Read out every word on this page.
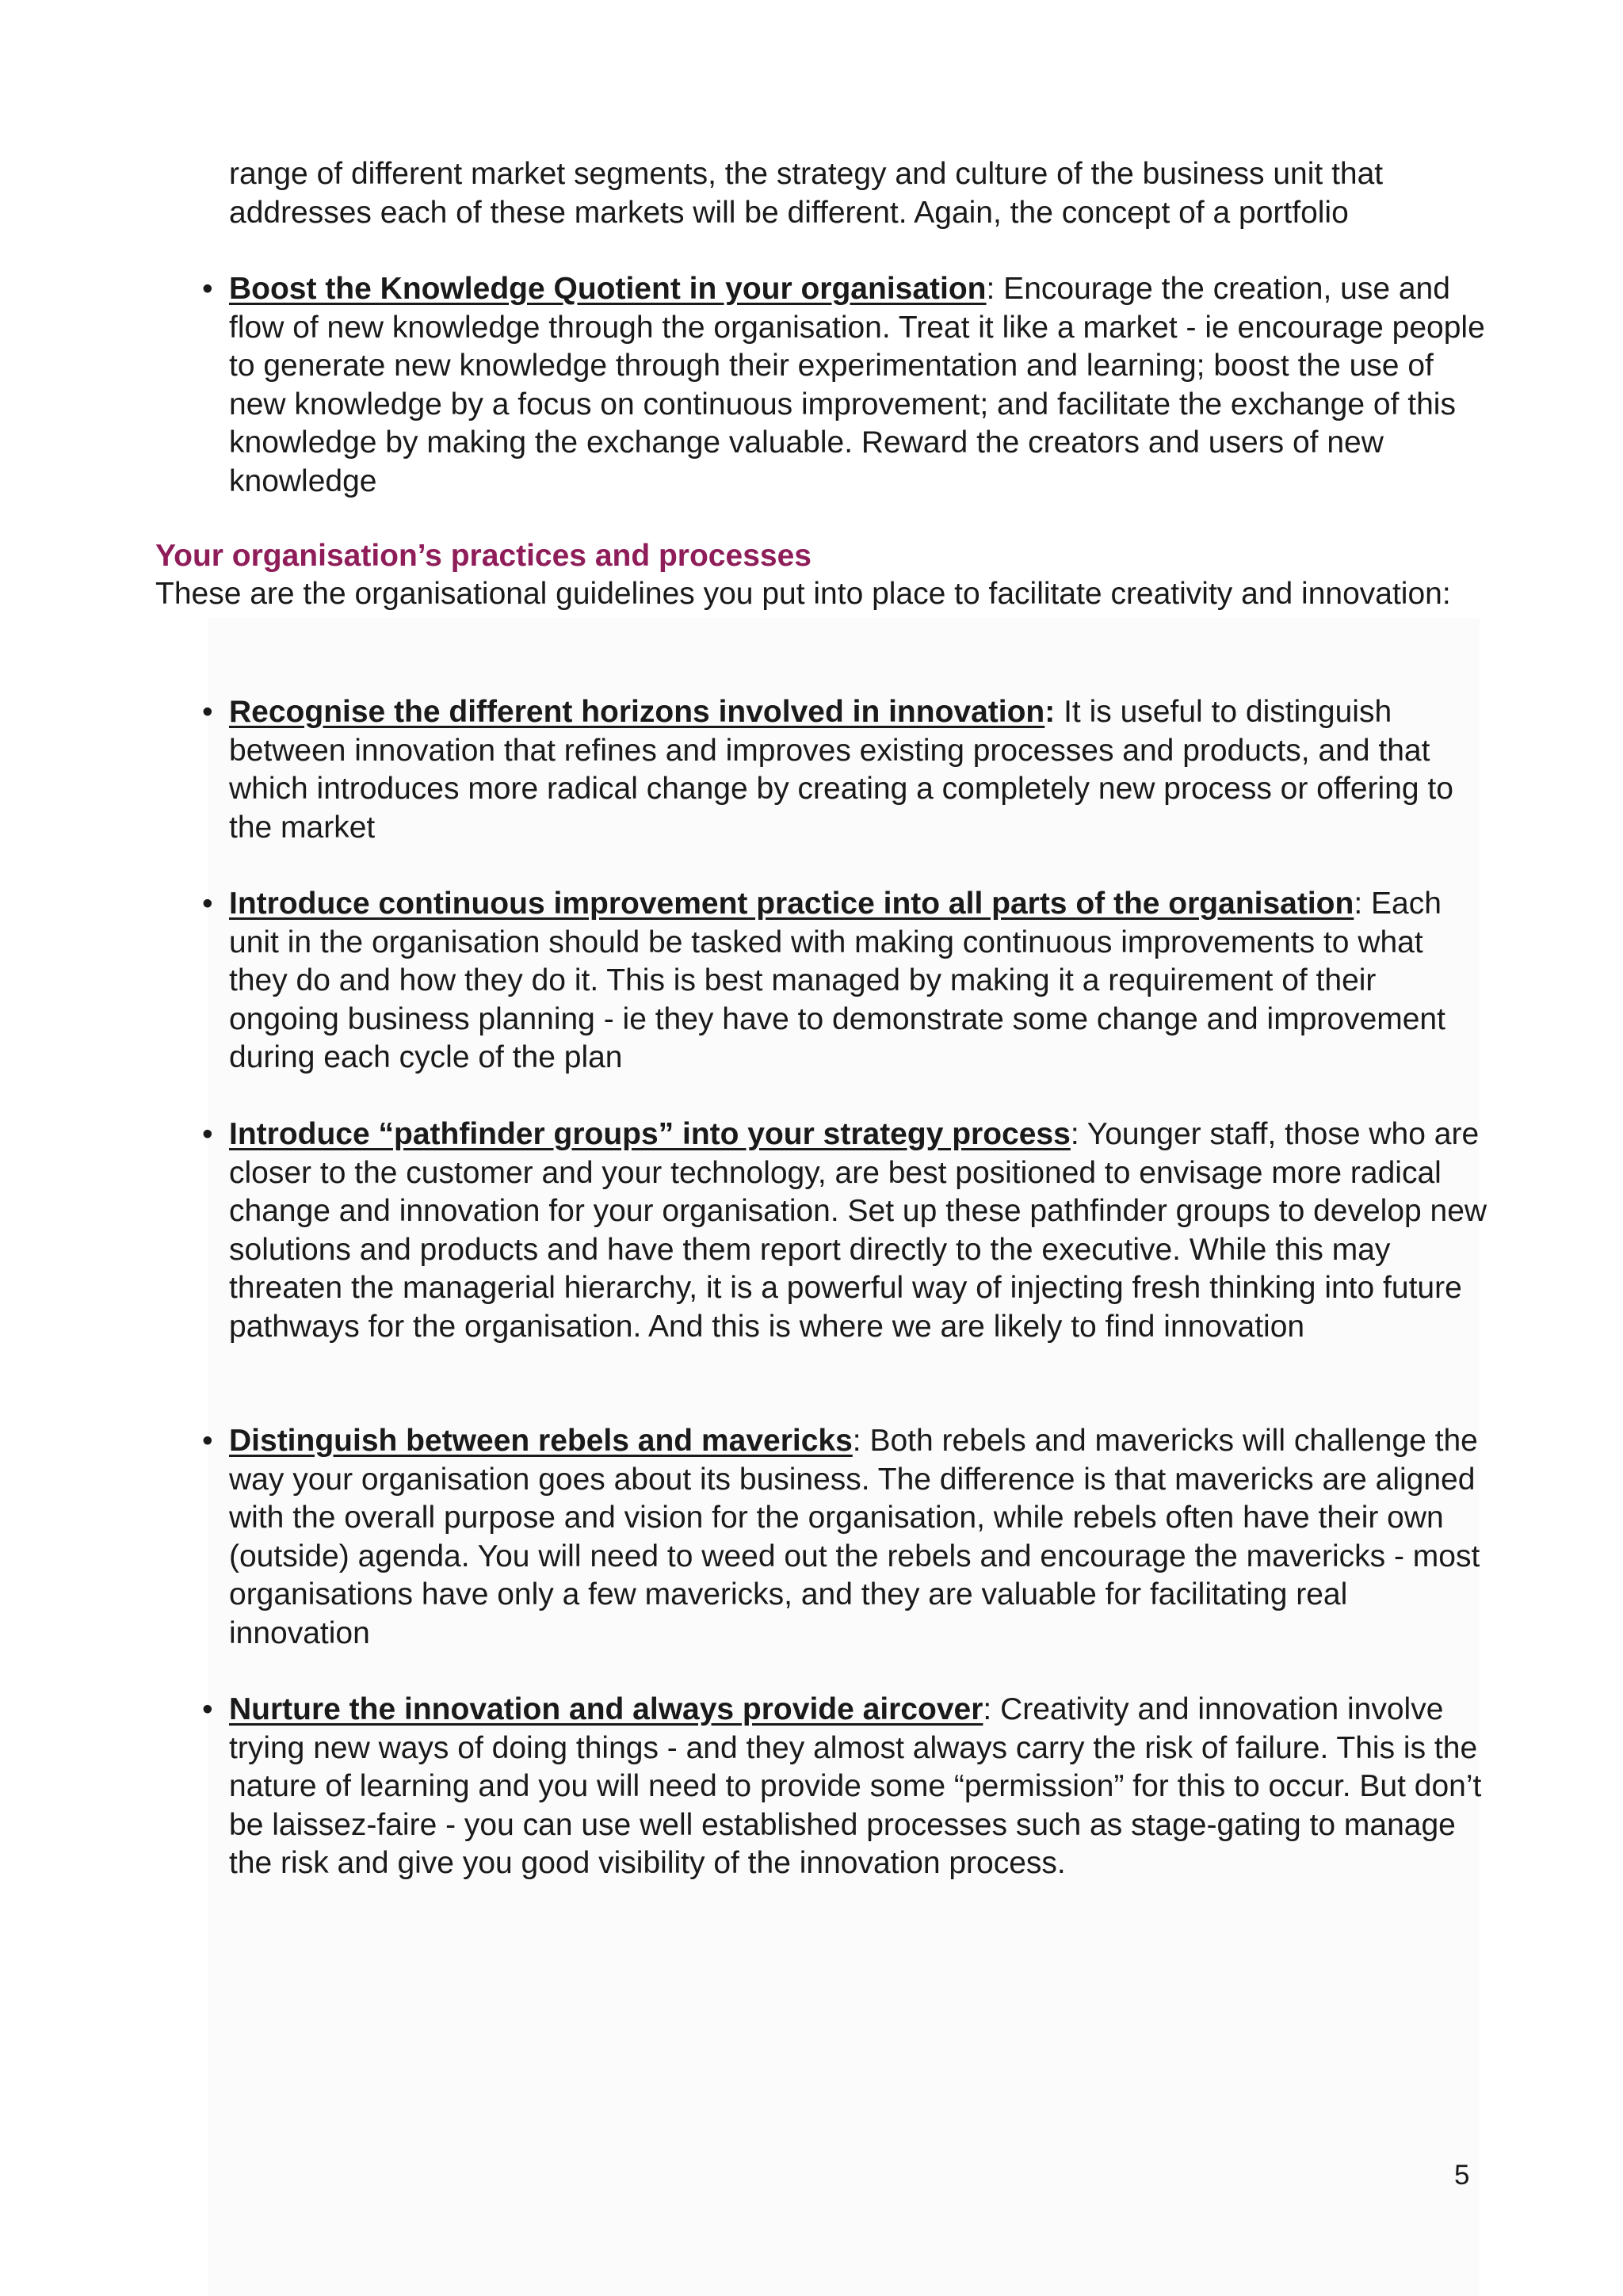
range of different market segments, the strategy and culture of the business unit that addresses each of these markets will be different. Again, the concept of a portfolio

• Boost the Knowledge Quotient in your organisation: Encourage the creation, use and flow of new knowledge through the organisation. Treat it like a market - ie encourage people to generate new knowledge through their experimentation and learning; boost the use of new knowledge by a focus on continuous improvement; and facilitate the exchange of this knowledge by making the exchange valuable. Reward the creators and users of new knowledge

Your organisation’s practices and processes

These are the organisational guidelines you put into place to facilitate creativity and innovation:

• Recognise the different horizons involved in innovation: It is useful to distinguish between innovation that refines and improves existing processes and products, and that which introduces more radical change by creating a completely new process or offering to the market

• Introduce continuous improvement practice into all parts of the organisation: Each unit in the organisation should be tasked with making continuous improvements to what they do and how they do it. This is best managed by making it a requirement of their ongoing business planning - ie they have to demonstrate some change and improvement during each cycle of the plan

• Introduce “pathfinder groups” into your strategy process: Younger staff, those who are closer to the customer and your technology, are best positioned to envisage more radical change and innovation for your organisation. Set up these pathfinder groups to develop new solutions and products and have them report directly to the executive. While this may threaten the managerial hierarchy, it is a powerful way of injecting fresh thinking into future pathways for the organisation. And this is where we are likely to find innovation

• Distinguish between rebels and mavericks: Both rebels and mavericks will challenge the way your organisation goes about its business. The difference is that mavericks are aligned with the overall purpose and vision for the organisation, while rebels often have their own (outside) agenda. You will need to weed out the rebels and encourage the mavericks - most organisations have only a few mavericks, and they are valuable for facilitating real innovation

• Nurture the innovation and always provide aircover: Creativity and innovation involve trying new ways of doing things - and they almost always carry the risk of failure. This is the nature of learning and you will need to provide some “permission” for this to occur. But don’t be laissez-faire - you can use well established processes such as stage-gating to manage the risk and give you good visibility of the innovation process.

5
